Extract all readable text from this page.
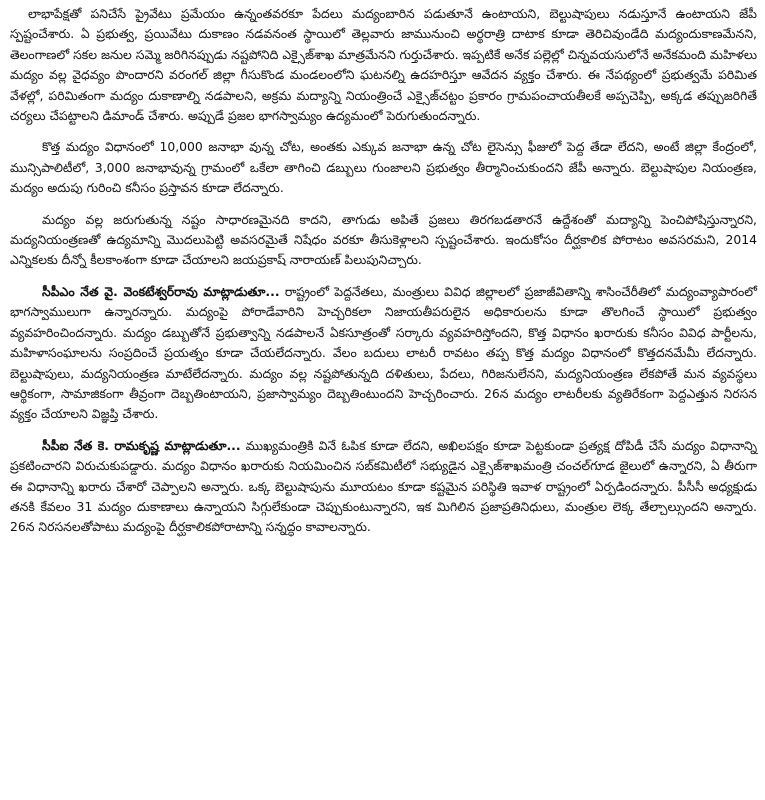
లాభాపేక్షతో పనిచేసే ప్రైవేటు ప్రమేయం ఉన్నంతవరకూ పేదలు మద్యంబారిన పడుతూనే ఉంటాయని, బెల్టుషాపులు నడుస్తూనే ఉంటాయని జేపీ స్పష్టంచేశారు. ఏ ప్రభుత్వ, ప్రయివేటు దుకాణం నడవనంత స్థాయిలో తెల్లవారు జామునుంచి అర్థరాత్రి దాటాక కూడా తెరిచివుండేది మద్యందుకాణమేనని, తెలంగాణలో సకల జనుల సమ్మె జరిగినప్పుడు నష్టపోనిది ఎక్సైజ్‌శాఖ మాత్రమేనని గుర్తుచేశారు. ఇప్పటికే అనేక పల్లెల్లో చిన్నవయసులోనే అనేకమంది మహిళలు మద్యం వల్ల వైధవ్యం పొందారని వరంగల్ జిల్లా గీసుకొండ మండలంలోని ఘటనల్ని ఉదహరిస్తూ ఆవేదన వ్యక్తం చేశారు. ఈ నేపథ్యంలో ప్రభుత్వమే పరిమిత వేళల్లో, పరిమితంగా మద్యం దుకాణాల్ని నడపాలని, అక్రమ మద్యాన్ని నియంత్రించే ఎక్సైజ్‌చట్టం ప్రకారం గ్రామపంచాయతీలకే అప్పచెప్పి, అక్కడ తప్పుజరిగితే చర్యలు చేపట్టాలని డిమాండ్ చేశారు. అప్పుడే ప్రజల భాగస్వామ్యం ఉద్యమంలో పెరుగుతుందన్నారు.

కొత్త మద్యం విధానంలో 10,000 జనాభా వున్న చోట, అంతకు ఎక్కువ జనాభా ఉన్న చోట లైసెన్సు ఫీజులో పెద్ద తేడా లేదని, అంటే జిల్లా కేంద్రంలో, మున్సిపాలిటీలో, 3,000 జనాభావున్న గ్రామంలో ఒకేలా తాగించి డబ్బులు గుంజాలని ప్రభుత్వం తీర్మానించుకుందని జేపీ అన్నారు. బెల్టుషాపుల నియంత్రణ, మద్యం అదుపు గురించి కనీసం ప్రస్తావన కూడా లేదన్నారు.

మద్యం వల్ల జరుగుతున్న నష్టం సాధారణమైనది కాదని, తాగుడు అపితే ప్రజలు తిరగబడతారనే ఉద్దేశంతో మద్యాన్ని పెంచిపోషిస్తున్నారని, మద్యనియంత్రణతో ఉద్యమాన్ని మొదలుపెట్టి అవసరమైతే నిషేధం వరకూ తీసుకెళ్లాలని స్పష్టంచేశారు. ఇందుకోసం దీర్ఘకాలిక పోరాటం అవసరమని, 2014 ఎన్నికలకు దీన్నో కీలకాంశంగా కూడా చేయాలని జయప్రకాష్ నారాయణ్ పిలుపునిచ్చారు.

సీపీఎం నేత వై. వెంకటేశ్వర్‌రావు మాట్లాడుతూ... రాష్ట్రంలో పెద్దనేతలు, మంత్రులు వివిధ జిల్లాలలో ప్రజాజీవితాన్ని శాసించేరీతిలో మద్యంవ్యాపారంలో భాగస్వాములుగా ఉన్నారన్నారు. మద్యంపై పోరాడేవారిని హెచ్చరికలా నిజాయతీపరులైన అధికారులను కూడా తొలగించే స్థాయిలో ప్రభుత్వం వ్యవహరించిందన్నారు. మద్యం డబ్బుతోనే ప్రభుత్వాన్ని నడపాలనే ఏకసూత్రంతో సర్కారు వ్యవహరిస్తోందని, కొత్త విధానం ఖరారుకు కనీసం వివిధ పార్టీలను, మహిళాసంఘాలను సంప్రదించే ప్రయత్నం కూడా చేయలేదన్నారు. వేలం బదులు లాటరీ రావటం తప్ప కొత్త మద్యం విధానంలో కొత్తదనమేమీ లేదన్నారు. బెల్టుషాపులు, మద్యనియంత్రణ మాటేలేదన్నారు. మద్యం వల్ల నష్టపోతున్నది దళితులు, పేదలు, గిరిజనులేనని, మద్యనియంత్రణ లేకపోతే మన వ్యవస్థలు ఆర్థికంగా, సామాజికంగా తీవ్రంగా దెబ్బతింటాయని, ప్రజాస్వామ్యం దెబ్బతింటుందని హెచ్చరించారు. 26న మద్యం లాటరీలకు వ్యతిరేకంగా పెద్దఎత్తున నిరసన వ్యక్తం చేయాలని విజ్ఞప్తి చేశారు.

సీపీఐ నేత కె. రామకృష్ణ మాట్లాడుతూ... ముఖ్యమంత్రికి వినే ఓపిక కూడా లేదని, అఖిలపక్షం కూడా పెట్టకుండా ప్రత్యక్ష దోపిడీ చేసే మద్యం విధానాన్ని ప్రకటించారని విరుచుకుపడ్డారు. మద్యం విధానం ఖరారుకు నియమించిన సబ్‌కమిటీలో సభ్యుడైన ఎక్సైజ్‌శాఖమంత్రి చంచల్‌గూడ జైలులో ఉన్నారని, ఏ తీరుగా ఈ విధానాన్ని ఖరారు చేశారో చెప్పాలని అన్నారు. ఒక్క బెల్టుషాపును మూయటం కూడా కష్టమైన పరిస్థితి ఇవాళ రాష్ట్రంలో ఏర్పడిందన్నారు. పీసీసీ అధ్యక్షుడు తనకి కేవలం 31 మద్యం దుకాణాలు ఉన్నాయని సిగ్గులేకుండా చెప్పుకుంటున్నారని, ఇక మిగిలిన ప్రజాప్రతినిధులు, మంత్రుల లెక్క తేల్చాల్సుందని అన్నారు. 26న నిరసనలతోపాటు మద్యంపై దీర్ఘకాలికపోరాటాన్ని సన్నద్ధం కావాలన్నారు.
